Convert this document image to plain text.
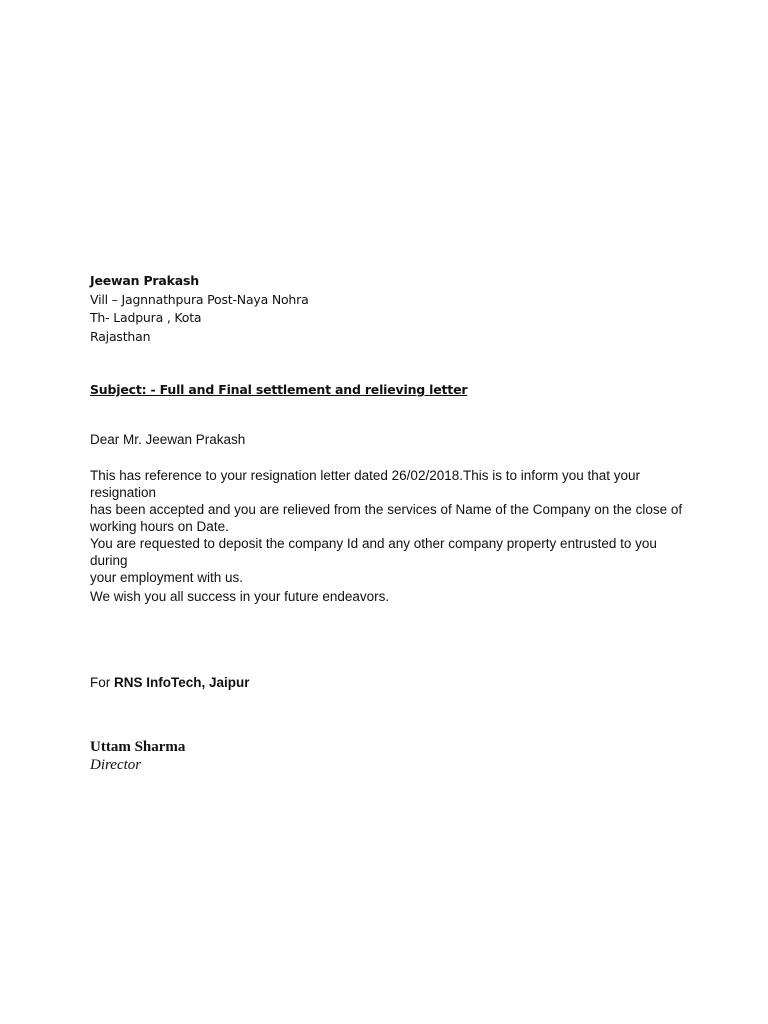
Jeewan Prakash
Vill – Jagnnathpura Post-Naya Nohra
Th- Ladpura , Kota
Rajasthan
Subject: - Full and Final settlement and relieving letter
Dear Mr. Jeewan Prakash
This has reference to your resignation letter dated 26/02/2018.This is to inform you that your resignation
has been accepted and you are relieved from the services of Name of the Company on the close of
working hours on Date.
You are requested to deposit the company Id and any other company property entrusted to you during
your employment with us.
We wish you all success in your future endeavors.
For RNS InfoTech, Jaipur
Uttam Sharma
Director
